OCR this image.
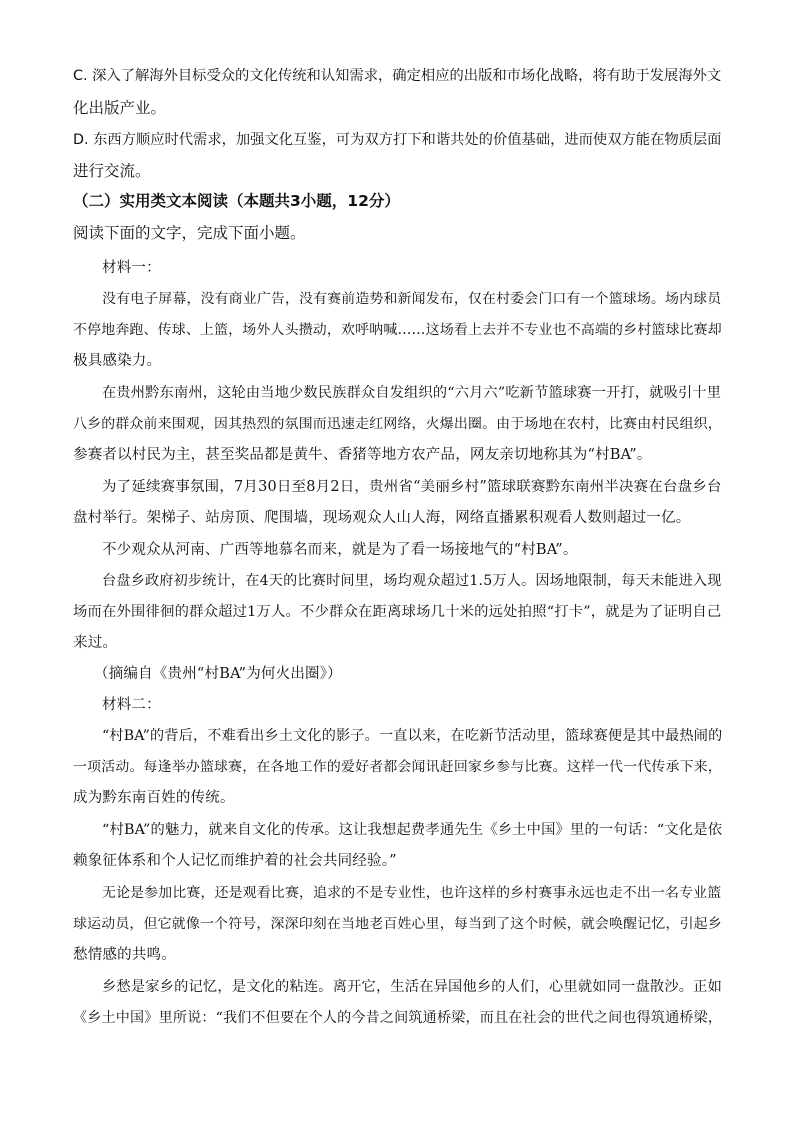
C. 深入了解海外目标受众的文化传统和认知需求，确定相应的出版和市场化战略，将有助于发展海外文

化出版产业。

D. 东西方顺应时代需求，加强文化互鉴，可为双方打下和谐共处的价值基础，进而使双方能在物质层面

进行交流。

（二）实用类文本阅读（本题共3小题，12分）

阅读下面的文字，完成下面小题。

材料一：

没有电子屏幕，没有商业广告，没有赛前造势和新闻发布，仅在村委会门口有一个篮球场。场内球员

不停地奔跑、传球、上篮，场外人头攒动，欢呼呐喊……这场看上去并不专业也不高端的乡村篮球比赛却

极具感染力。

在贵州黔东南州，这轮由当地少数民族群众自发组织的“六月六”吃新节篮球赛一开打，就吸引十里

八乡的群众前来围观，因其热烈的氛围而迅速走红网络，火爆出圈。由于场地在农村，比赛由村民组织，

参赛者以村民为主，甚至奖品都是黄牛、香猪等地方农产品，网友亲切地称其为“村BA”。

为了延续赛事氛围，7月30日至8月2日，贵州省“美丽乡村”篮球联赛黔东南州半决赛在台盘乡台

盘村举行。架梯子、站房顶、爬围墙，现场观众人山人海，网络直播累积观看人数则超过一亿。

不少观众从河南、广西等地慕名而来，就是为了看一场接地气的“村BA”。

台盘乡政府初步统计，在4天的比赛时间里，场均观众超过1.5万人。因场地限制，每天未能进入现

场而在外围徘徊的群众超过1万人。不少群众在距离球场几十米的远处拍照“打卡”，就是为了证明自己

来过。

（摘编自《贵州“村BA”为何火出圈》）

材料二：

“村BA”的背后，不难看出乡土文化的影子。一直以来，在吃新节活动里，篮球赛便是其中最热闹的

一项活动。每逢举办篮球赛，在各地工作的爱好者都会闻讯赶回家乡参与比赛。这样一代一代传承下来，

成为黔东南百姓的传统。

“村BA”的魅力，就来自文化的传承。这让我想起费孝通先生《乡土中国》里的一句话：“文化是依

赖象征体系和个人记忆而维护着的社会共同经验。”

无论是参加比赛，还是观看比赛，追求的不是专业性，也许这样的乡村赛事永远也走不出一名专业篮

球运动员，但它就像一个符号，深深印刻在当地老百姓心里，每当到了这个时候，就会唤醒记忆，引起乡

愁情感的共鸣。

乡愁是家乡的记忆，是文化的粘连。离开它，生活在异国他乡的人们，心里就如同一盘散沙。正如

《乡土中国》里所说：“我们不但要在个人的今昔之间筑通桥梁，而且在社会的世代之间也得筑通桥梁，
